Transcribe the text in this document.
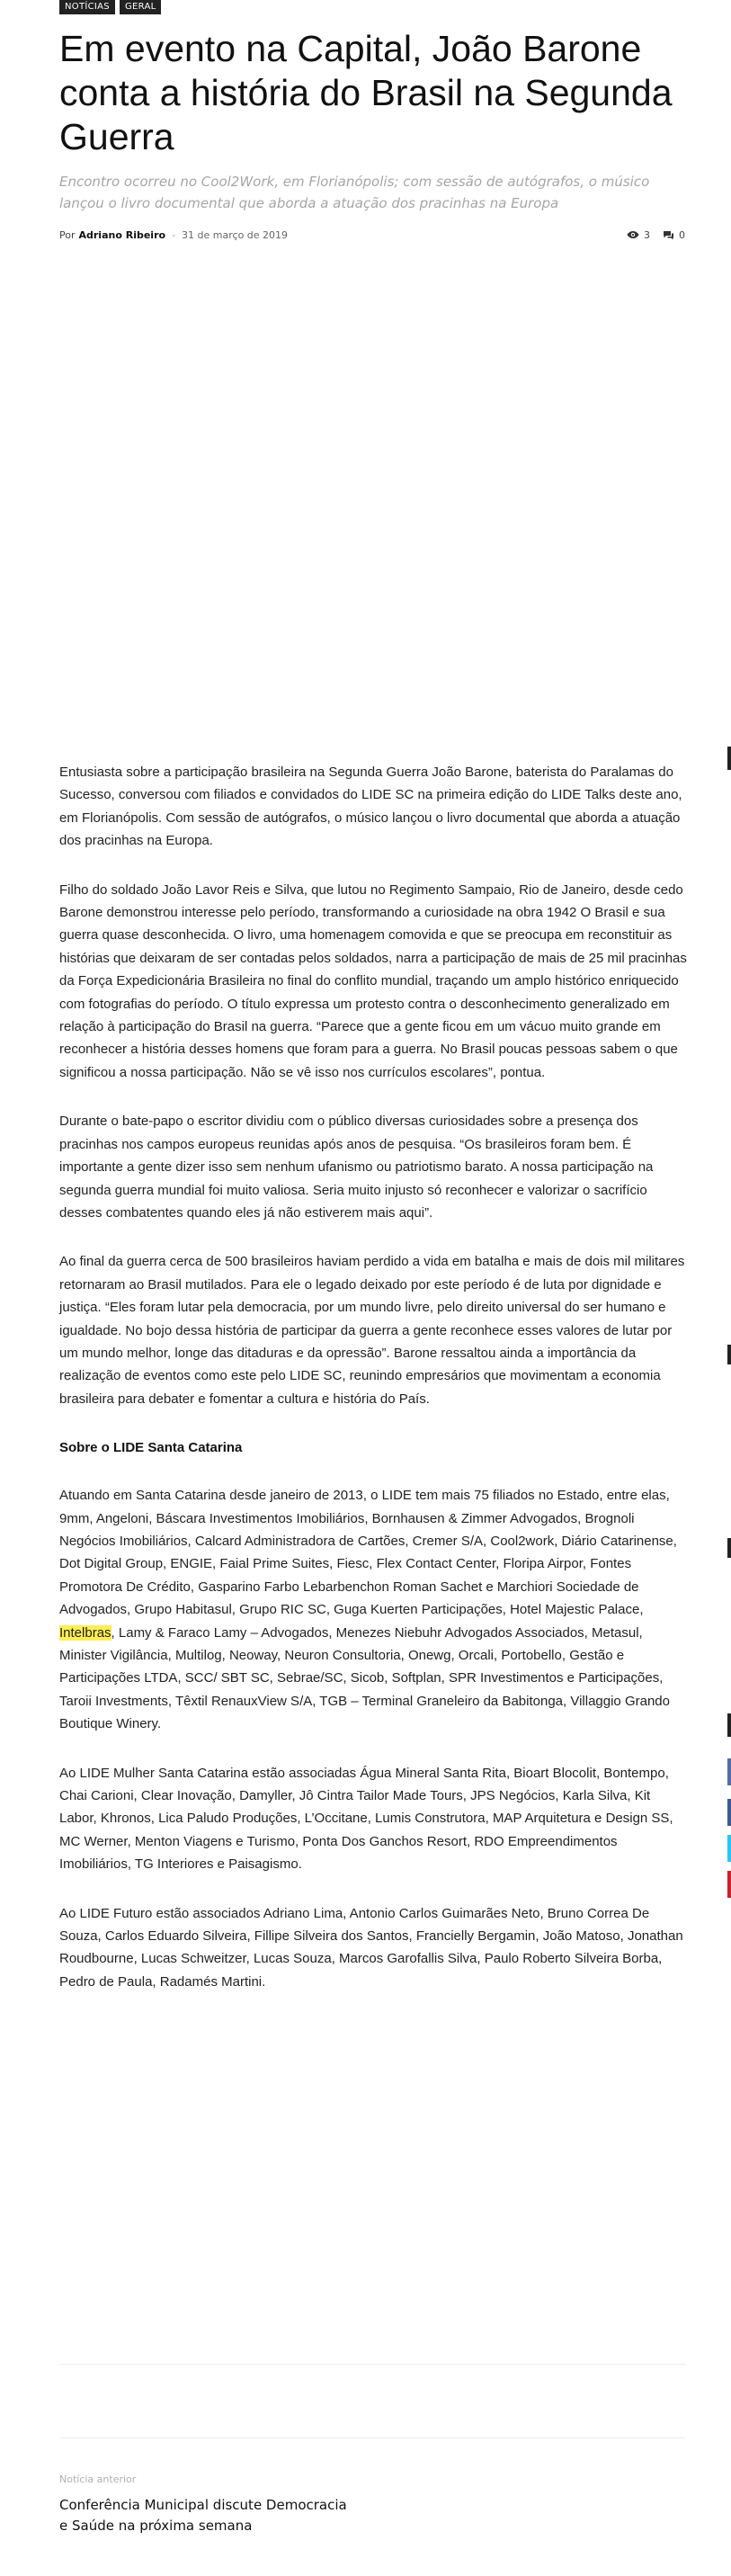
NOTÍCIAS	GERAL
Em evento na Capital, João Barone conta a história do Brasil na Segunda Guerra

Encontro ocorreu no Cool2Work, em Florianópolis; com sessão de autógrafos, o músico lançou o livro documental que aborda a atuação dos pracinhas na Europa

Por Adriano Ribeiro - 31 de março de 2019	3	0

Entusiasta sobre a participação brasileira na Segunda Guerra João Barone, baterista do Paralamas do Sucesso, conversou com filiados e convidados do LIDE SC na primeira edição do LIDE Talks deste ano, em Florianópolis. Com sessão de autógrafos, o músico lançou o livro documental que aborda a atuação dos pracinhas na Europa.

Filho do soldado João Lavor Reis e Silva, que lutou no Regimento Sampaio, Rio de Janeiro, desde cedo Barone demonstrou interesse pelo período, transformando a curiosidade na obra 1942 O Brasil e sua guerra quase desconhecida. O livro, uma homenagem comovida e que se preocupa em reconstituir as histórias que deixaram de ser contadas pelos soldados, narra a participação de mais de 25 mil pracinhas da Força Expedicionária Brasileira no final do conflito mundial, traçando um amplo histórico enriquecido com fotografias do período. O título expressa um protesto contra o desconhecimento generalizado em relação à participação do Brasil na guerra. “Parece que a gente ficou em um vácuo muito grande em reconhecer a história desses homens que foram para a guerra. No Brasil poucas pessoas sabem o que significou a nossa participação. Não se vê isso nos currículos escolares”, pontua.

Durante o bate-papo o escritor dividiu com o público diversas curiosidades sobre a presença dos pracinhas nos campos europeus reunidas após anos de pesquisa. “Os brasileiros foram bem. É importante a gente dizer isso sem nenhum ufanismo ou patriotismo barato. A nossa participação na segunda guerra mundial foi muito valiosa. Seria muito injusto só reconhecer e valorizar o sacrifício desses combatentes quando eles já não estiverem mais aqui”.

Ao final da guerra cerca de 500 brasileiros haviam perdido a vida em batalha e mais de dois mil militares retornaram ao Brasil mutilados. Para ele o legado deixado por este período é de luta por dignidade e justiça. “Eles foram lutar pela democracia, por um mundo livre, pelo direito universal do ser humano e igualdade. No bojo dessa história de participar da guerra a gente reconhece esses valores de lutar por um mundo melhor, longe das ditaduras e da opressão”. Barone ressaltou ainda a importância da realização de eventos como este pelo LIDE SC, reunindo empresários que movimentam a economia brasileira para debater e fomentar a cultura e história do País.

Sobre o LIDE Santa Catarina

Atuando em Santa Catarina desde janeiro de 2013, o LIDE tem mais 75 filiados no Estado, entre elas, 9mm, Angeloni, Báscara Investimentos Imobiliários, Bornhausen & Zimmer Advogados, Brognoli Negócios Imobiliários, Calcard Administradora de Cartões, Cremer S/A, Cool2work, Diário Catarinense, Dot Digital Group, ENGIE, Faial Prime Suites, Fiesc, Flex Contact Center, Floripa Airpor, Fontes Promotora De Crédito, Gasparino Farbo Lebarbenchon Roman Sachet e Marchiori Sociedade de Advogados, Grupo Habitasul, Grupo RIC SC, Guga Kuerten Participações, Hotel Majestic Palace, Intelbras, Lamy & Faraco Lamy – Advogados, Menezes Niebuhr Advogados Associados, Metasul, Minister Vigilância, Multilog, Neoway, Neuron Consultoria, Onewg, Orcali, Portobello, Gestão e Participações LTDA, SCC/ SBT SC, Sebrae/SC, Sicob, Softplan, SPR Investimentos e Participações, Taroii Investments, Têxtil RenauxView S/A, TGB – Terminal Graneleiro da Babitonga, Villaggio Grando Boutique Winery.

Ao LIDE Mulher Santa Catarina estão associadas Água Mineral Santa Rita, Bioart Blocolit, Bontempo, Chai Carioni, Clear Inovação, Damyller, Jô Cintra Tailor Made Tours, JPS Negócios, Karla Silva, Kit Labor, Khronos, Lica Paludo Produções, L’Occitane, Lumis Construtora, MAP Arquitetura e Design SS, MC Werner, Menton Viagens e Turismo, Ponta Dos Ganchos Resort, RDO Empreendimentos Imobiliários, TG Interiores e Paisagismo.

Ao LIDE Futuro estão associados Adriano Lima, Antonio Carlos Guimarães Neto, Bruno Correa De Souza, Carlos Eduardo Silveira, Fillipe Silveira dos Santos, Francielly Bergamin, João Matoso, Jonathan Roudbourne, Lucas Schweitzer, Lucas Souza, Marcos Garofallis Silva, Paulo Roberto Silveira Borba, Pedro de Paula, Radamés Martini.

Notícia anterior
Conferência Municipal discute Democracia e Saúde na próxima semana
